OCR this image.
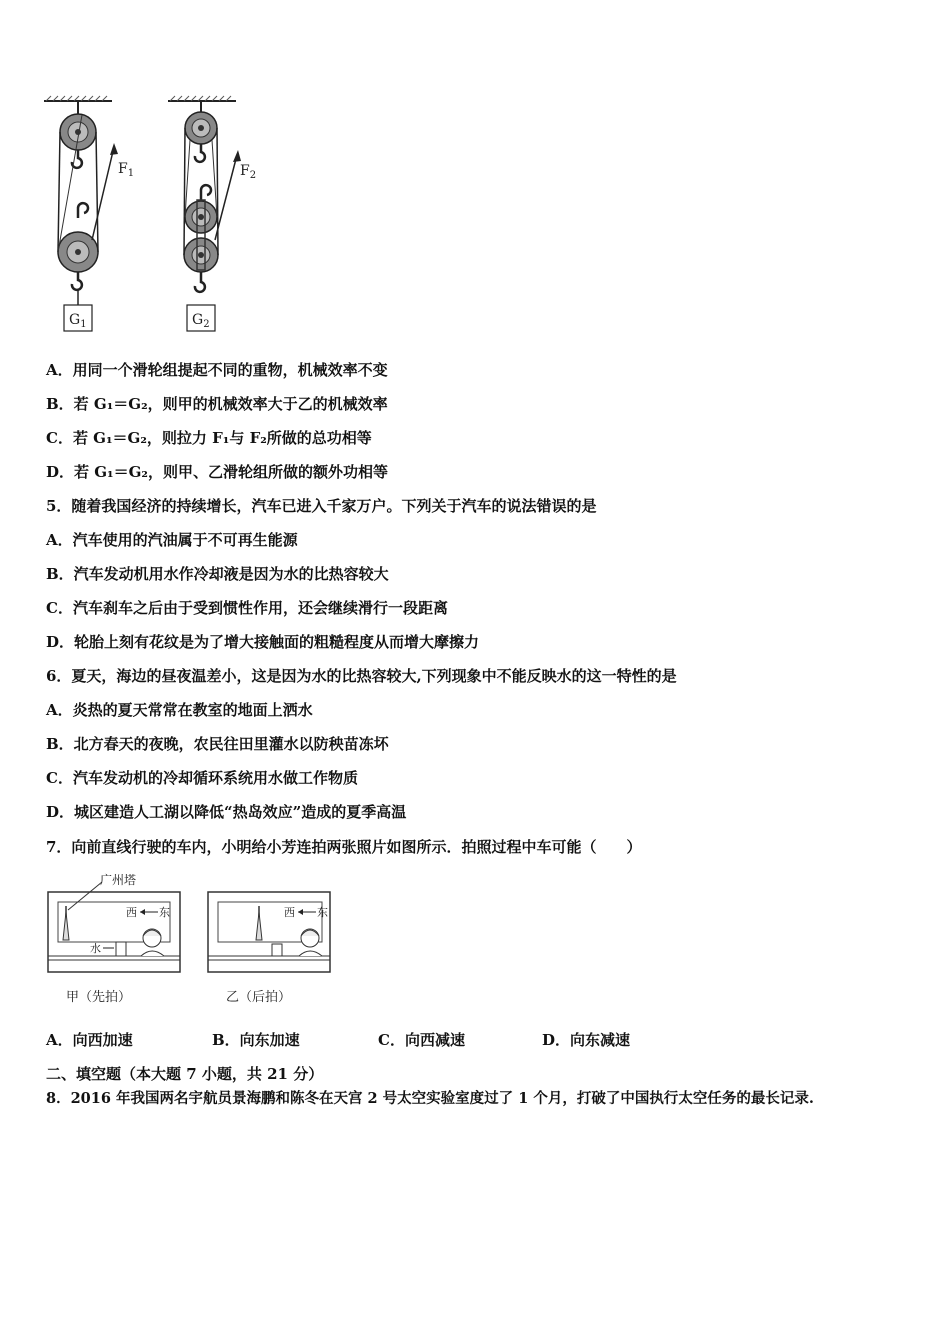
$F_1$
$G_1$
$F_2$
$G_2$
A．用同一个滑轮组提起不同的重物，机械效率不变
B．若 G₁＝G₂，则甲的机械效率大于乙的机械效率
C．若 G₁＝G₂，则拉力 F₁与 F₂所做的总功相等
D．若 G₁＝G₂，则甲、乙滑轮组所做的额外功相等
5．随着我国经济的持续增长，汽车已进入千家万户。下列关于汽车的说法错误的是
A．汽车使用的汽油属于不可再生能源
B．汽车发动机用水作冷却液是因为水的比热容较大
C．汽车刹车之后由于受到惯性作用，还会继续滑行一段距离
D．轮胎上刻有花纹是为了增大接触面的粗糙程度从而增大摩擦力
6．夏天，海边的昼夜温差小，这是因为水的比热容较大,下列现象中不能反映水的这一特性的是
A．炎热的夏天常常在教室的地面上洒水
B．北方春天的夜晚，农民往田里灌水以防秧苗冻坏
C．汽车发动机的冷却循环系统用水做工作物质
D．城区建造人工湖以降低“热岛效应”造成的夏季高温
7．向前直线行驶的车内，小明给小芳连拍两张照片如图所示．拍照过程中车可能（　　）
广州塔
西 东
水
西 东
甲（先拍）	乙（后拍）
A．向西加速	B．向东加速	C．向西减速	D．向东减速
二、填空题（本大题 7 小题，共 21 分）
8．2016 年我国两名宇航员景海鹏和陈冬在天宫 2 号太空实验室度过了 1 个月，打破了中国执行太空任务的最长记录.
